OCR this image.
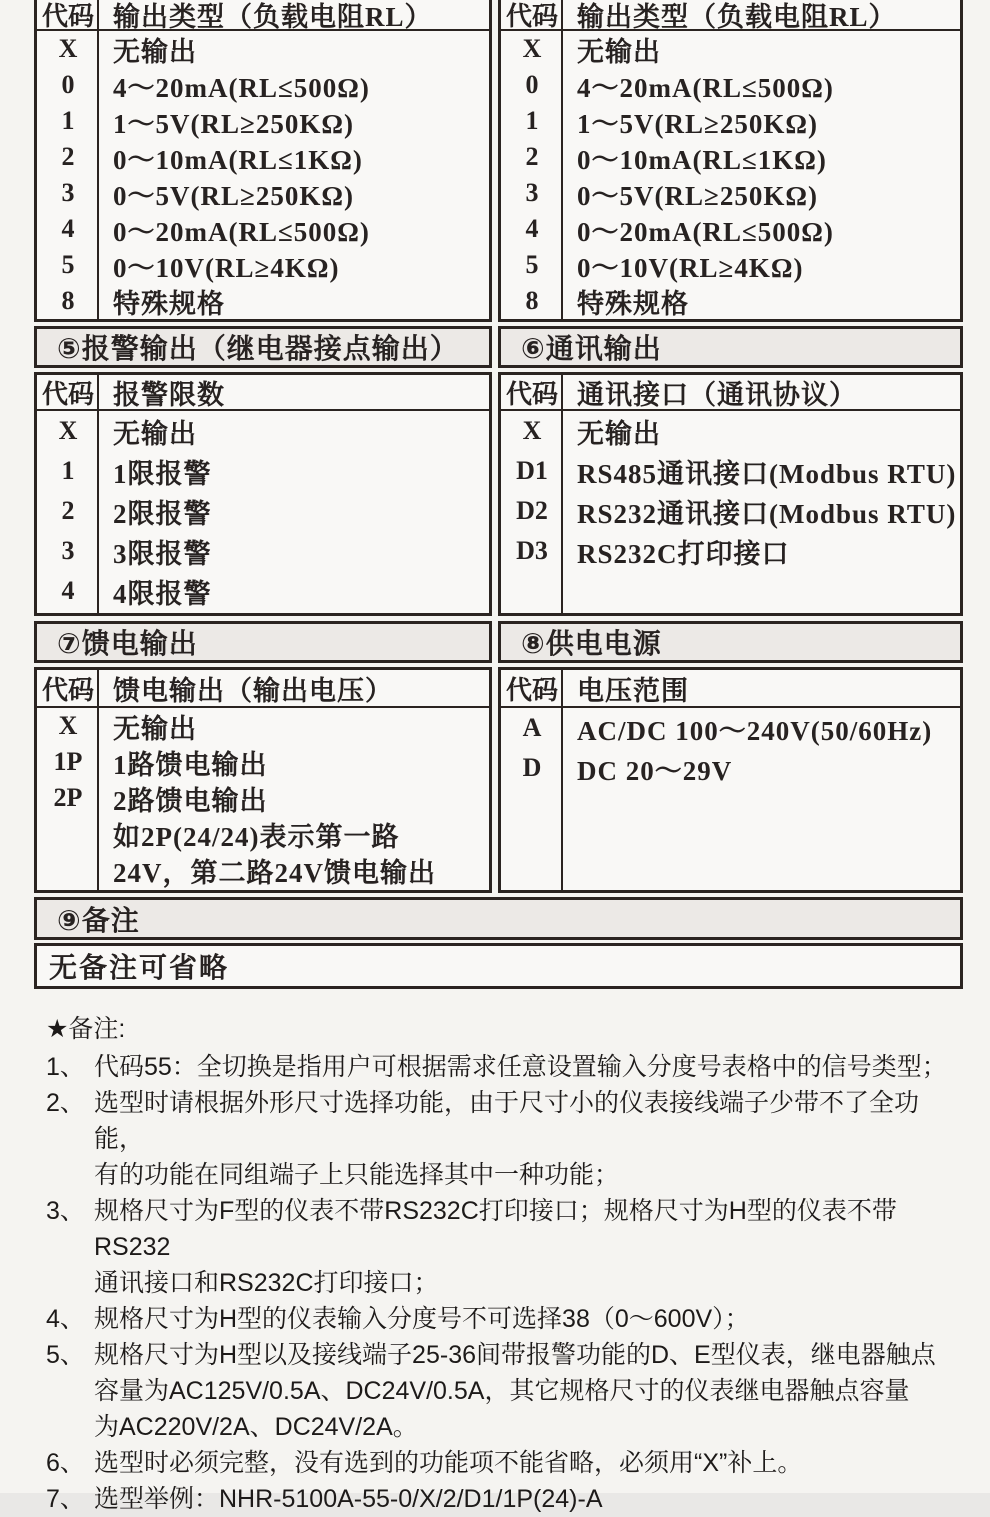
代码 输出类型（负载电阻RL）
X	无输出
0	4～20mA(RL≤500Ω)
1	1～5V(RL≥250KΩ)
2	0～10mA(RL≤1KΩ)
3	0～5V(RL≥250KΩ)
4	0～20mA(RL≤500Ω)
5	0～10V(RL≥4KΩ)
8	特殊规格
代码 输出类型（负载电阻RL）
X	无输出
0	4～20mA(RL≤500Ω)
1	1～5V(RL≥250KΩ)
2	0～10mA(RL≤1KΩ)
3	0～5V(RL≥250KΩ)
4	0～20mA(RL≤500Ω)
5	0～10V(RL≥4KΩ)
8	特殊规格
⑤报警输出（继电器接点输出）
代码 报警限数
X	无输出
1	1限报警
2	2限报警
3	3限报警
4	4限报警
⑥通讯输出
代码 通讯接口（通讯协议）
X	无输出
D1	RS485通讯接口(Modbus RTU)
D2	RS232通讯接口(Modbus RTU)
D3	RS232C打印接口
⑦馈电输出
代码 馈电输出（输出电压）
X	无输出
1P	1路馈电输出
2P	2路馈电输出
如2P(24/24)表示第一路
24V，第二路24V馈电输出
⑧供电电源
代码 电压范围
A	AC/DC 100～240V(50/60Hz)
D	DC 20～29V
⑨备注
无备注可省略
★备注:
1、 代码55：全切换是指用户可根据需求任意设置输入分度号表格中的信号类型；
2、 选型时请根据外形尺寸选择功能，由于尺寸小的仪表接线端子少带不了全功能，
有的功能在同组端子上只能选择其中一种功能；
3、 规格尺寸为F型的仪表不带RS232C打印接口；规格尺寸为H型的仪表不带RS232
通讯接口和RS232C打印接口；
4、 规格尺寸为H型的仪表输入分度号不可选择38（0～600V）；
5、 规格尺寸为H型以及接线端子25-36间带报警功能的D、E型仪表，继电器触点
容量为AC125V/0.5A、DC24V/0.5A，其它规格尺寸的仪表继电器触点容量
为AC220V/2A、DC24V/2A。
6、 选型时必须完整，没有选到的功能项不能省略，必须用“X”补上。
7、 选型举例：NHR-5100A-55-0/X/2/D1/1P(24)-A
